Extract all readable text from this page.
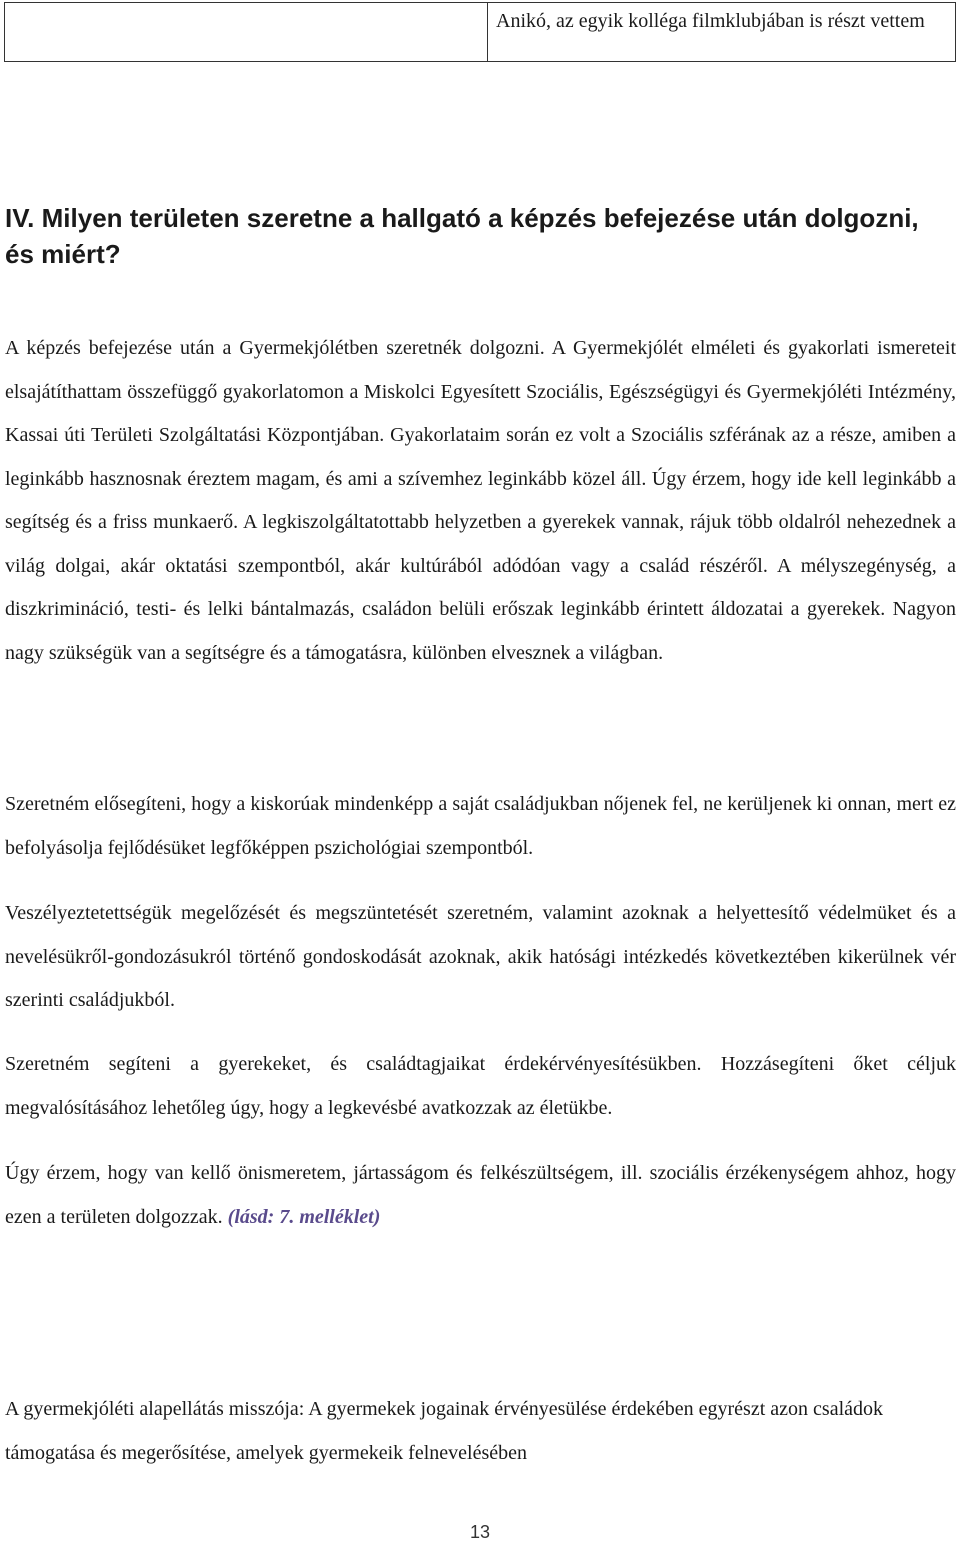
	Anikó, az egyik kolléga filmklubjában is részt vettem
IV. Milyen területen szeretne a hallgató a képzés befejezése után dolgozni, és miért?

A képzés befejezése után a Gyermekjólétben szeretnék dolgozni. A Gyermekjólét elméleti és gyakorlati ismereteit elsajátíthattam összefüggő gyakorlatomon a Miskolci Egyesített Szociális, Egészségügyi és Gyermekjóléti Intézmény, Kassai úti Területi Szolgáltatási Központjában. Gyakorlataim során ez volt a Szociális szférának az a része, amiben a leginkább hasznosnak éreztem magam, és ami a szívemhez leginkább közel áll. Úgy érzem, hogy ide kell leginkább a segítség és a friss munkaerő. A legkiszolgáltatottabb helyzetben a gyerekek vannak, rájuk több oldalról nehezednek a világ dolgai, akár oktatási szempontból, akár kultúrából adódóan vagy a család részéről. A mélyszegénység, a diszkrimináció, testi- és lelki bántalmazás, családon belüli erőszak leginkább érintett áldozatai a gyerekek. Nagyon nagy szükségük van a segítségre és a támogatásra, különben elvesznek a világban.

Szeretném elősegíteni, hogy a kiskorúak mindenképp a saját családjukban nőjenek fel, ne kerüljenek ki onnan, mert ez befolyásolja fejlődésüket legfőképpen pszichológiai szempontból.

Veszélyeztetettségük megelőzését és megszüntetését szeretném, valamint azoknak a helyettesítő védelmüket és a nevelésükről-gondozásukról történő gondoskodását azoknak, akik hatósági intézkedés következtében kikerülnek vér szerinti családjukból.

Szeretném segíteni a gyerekeket, és családtagjaikat érdekérvényesítésükben. Hozzásegíteni őket céljuk megvalósításához lehetőleg úgy, hogy a legkevésbé avatkozzak az életükbe.

Úgy érzem, hogy van kellő önismeretem, jártasságom és felkészültségem, ill. szociális érzékenységem ahhoz, hogy ezen a területen dolgozzak. (lásd: 7. melléklet)

A gyermekjóléti alapellátás misszója: A gyermekek jogainak érvényesülése érdekében egyrészt azon családok támogatása és megerősítése, amelyek gyermekeik felnevelésében

13
